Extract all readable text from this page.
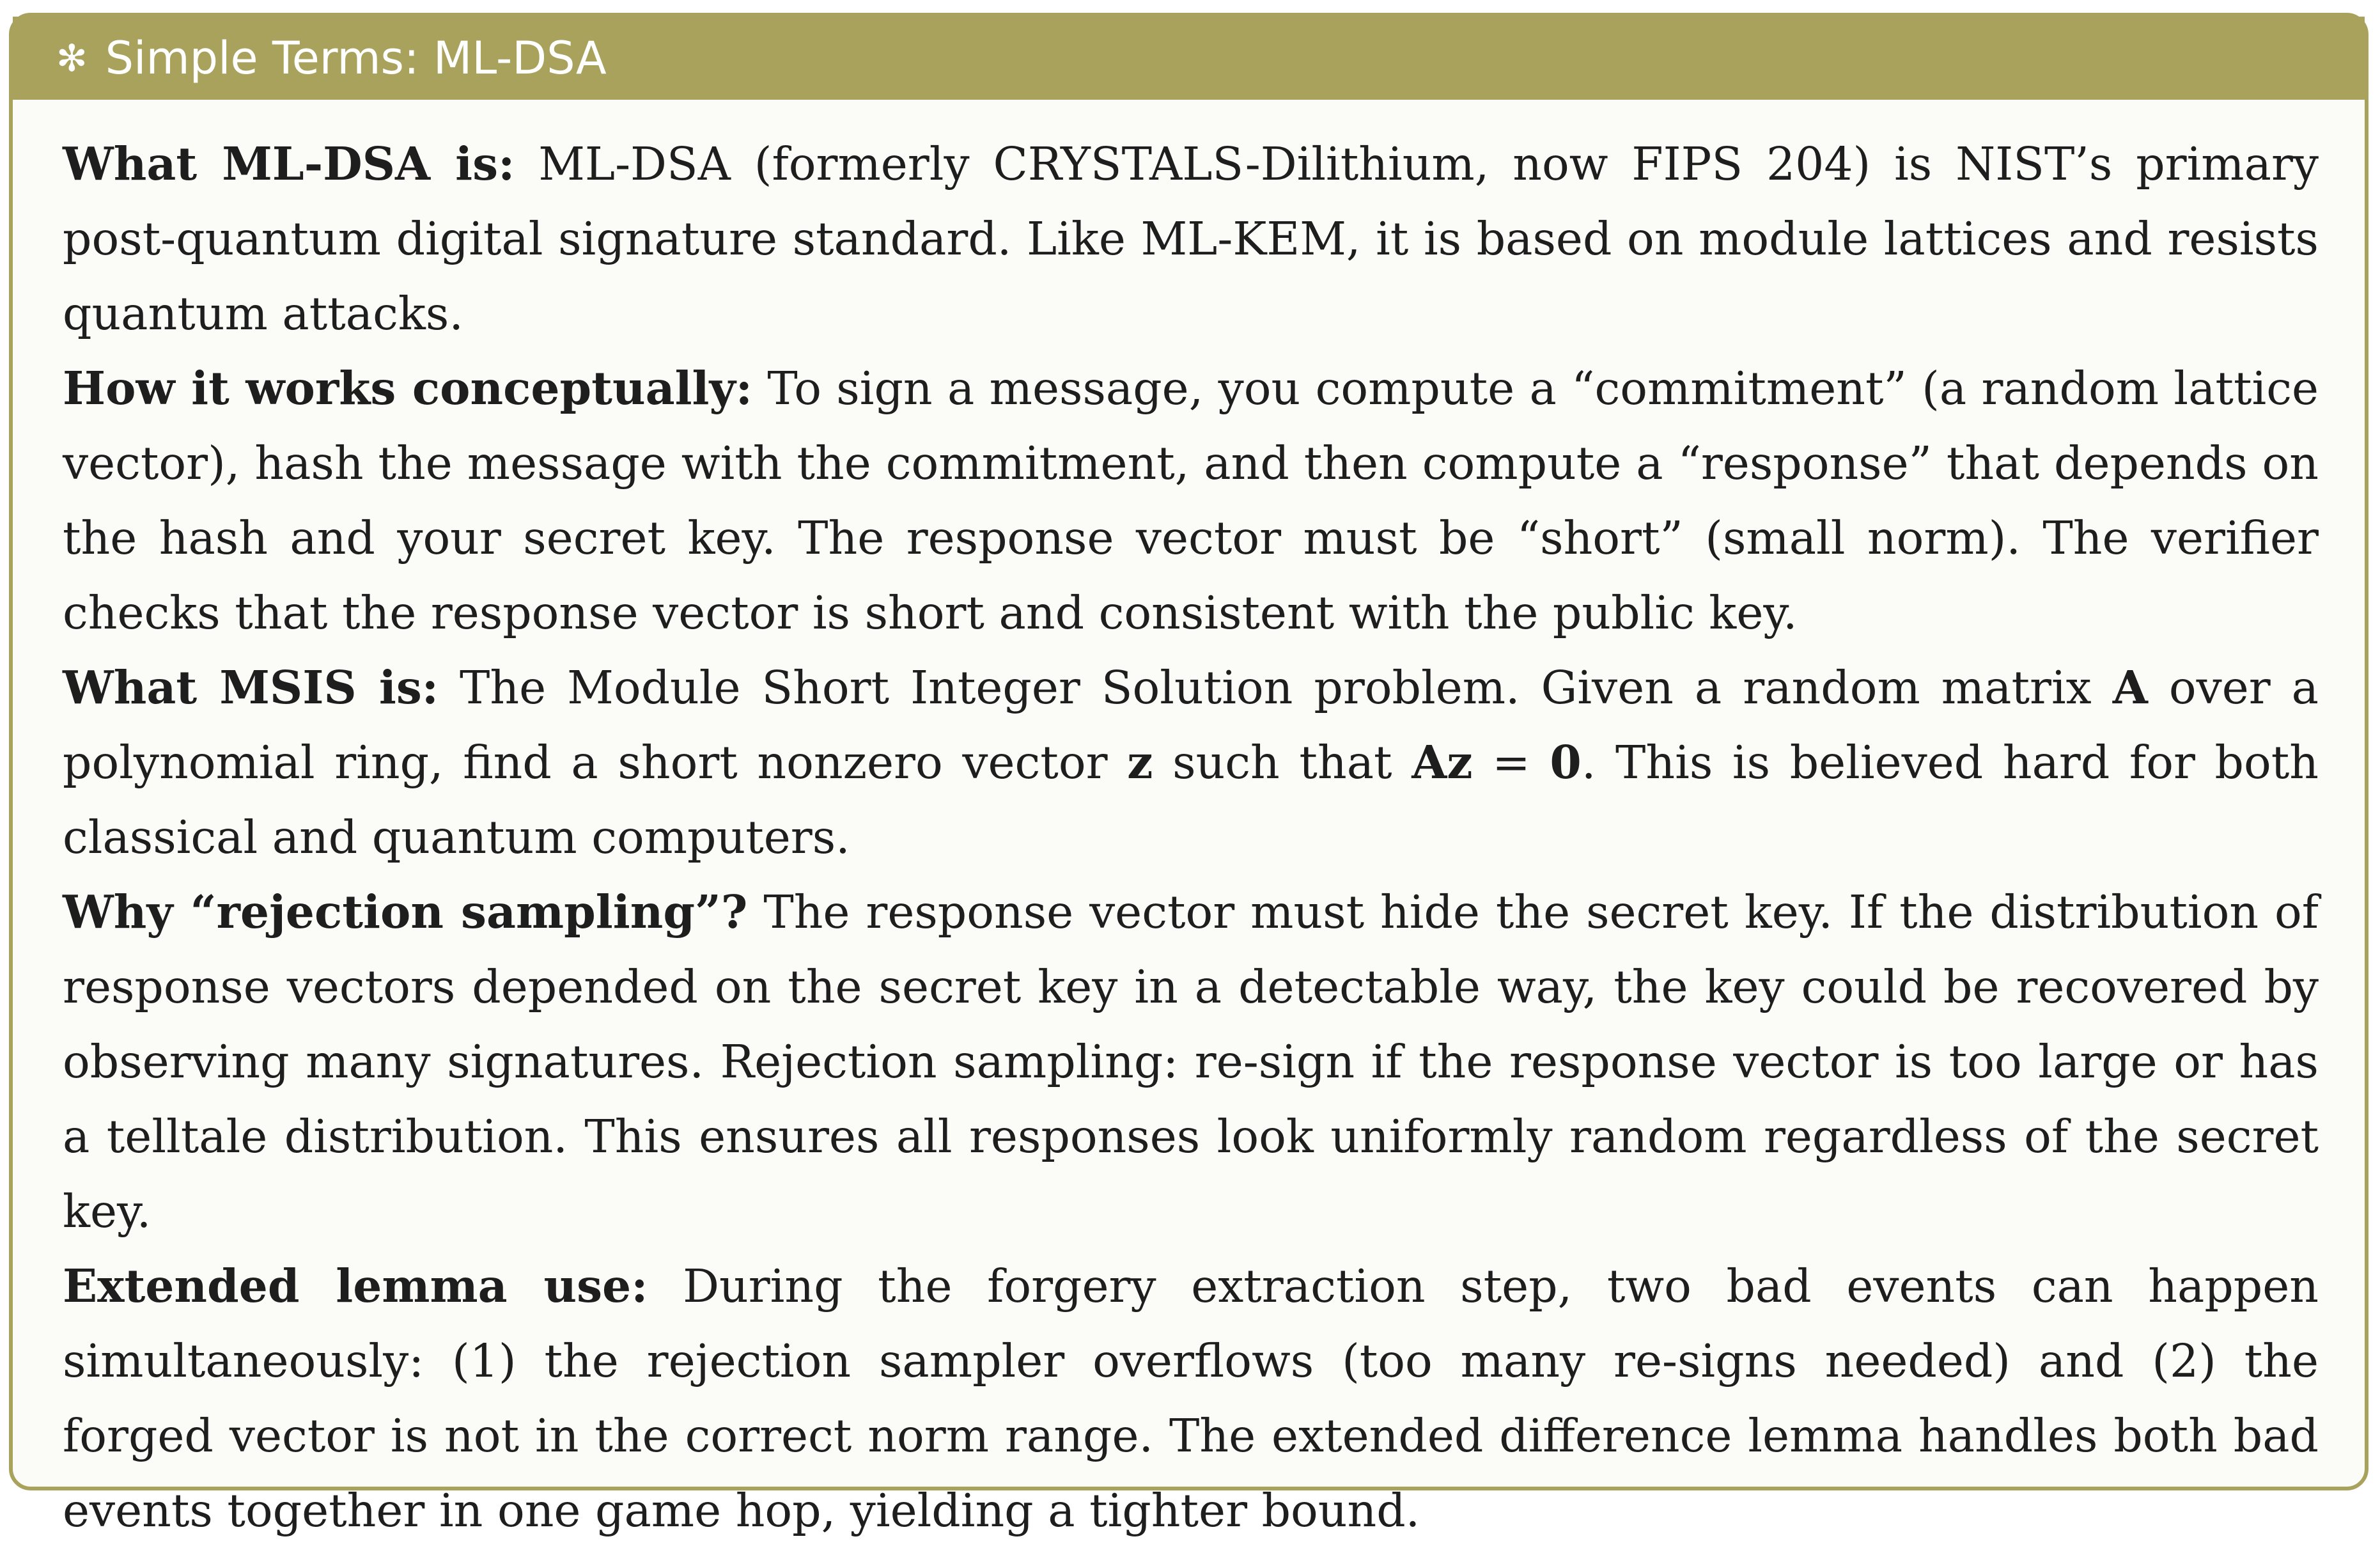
✻ Simple Terms: ML-DSA

What ML-DSA is: ML-DSA (formerly CRYSTALS-Dilithium, now FIPS 204) is NIST’s primary post-quantum digital signature standard. Like ML-KEM, it is based on module lattices and resists quantum attacks.

How it works conceptually: To sign a message, you compute a “commitment” (a random lattice vector), hash the message with the commitment, and then compute a “response” that depends on the hash and your secret key. The response vector must be “short” (small norm). The verifier checks that the response vector is short and consistent with the public key.

What MSIS is: The Module Short Integer Solution problem. Given a random matrix A over a polynomial ring, find a short nonzero vector z such that Az = 0. This is believed hard for both classical and quantum computers.

Why “rejection sampling”? The response vector must hide the secret key. If the distribution of response vectors depended on the secret key in a detectable way, the key could be recovered by observing many signatures. Rejection sampling: re-sign if the response vector is too large or has a telltale distribution. This ensures all responses look uniformly random regardless of the secret key.

Extended lemma use: During the forgery extraction step, two bad events can happen simultaneously: (1) the rejection sampler overflows (too many re-signs needed) and (2) the forged vector is not in the correct norm range. The extended difference lemma handles both bad events together in one game hop, yielding a tighter bound.
